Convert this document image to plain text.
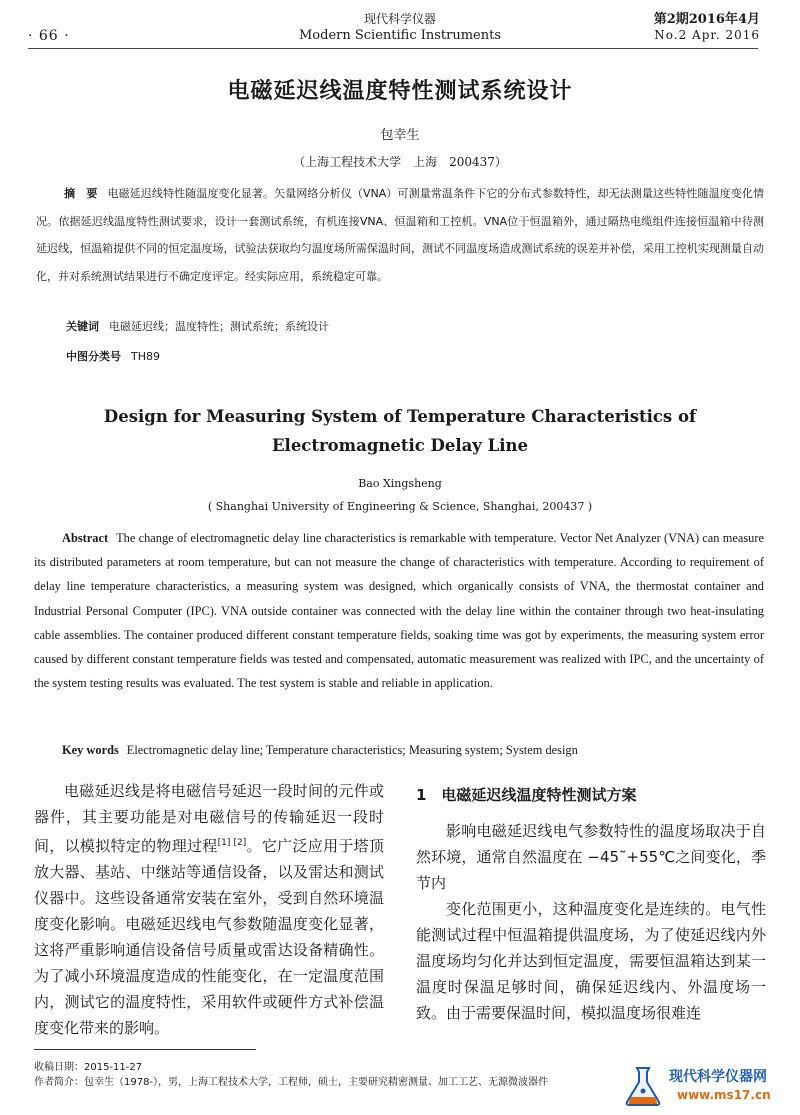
· 66 ·
现代科学仪器
Modern Scientific Instruments
第2期2016年4月
No.2 Apr. 2016
电磁延迟线温度特性测试系统设计
包幸生
（上海工程技术大学　上海　200437）
摘　要 电磁延迟线特性随温度变化显著。矢量网络分析仪（VNA）可测量常温条件下它的分布式参数特性，却无法测量这些特性随温度变化情况。依据延迟线温度特性测试要求，设计一套测试系统，有机连接VNA、恒温箱和工控机。VNA位于恒温箱外，通过隔热电缆组件连接恒温箱中待测延迟线，恒温箱提供不同的恒定温度场，试验法获取均匀温度场所需保温时间，测试不同温度场造成测试系统的误差并补偿，采用工控机实现测量自动化，并对系统测试结果进行不确定度评定。经实际应用，系统稳定可靠。
关键词 电磁延迟线；温度特性；测试系统；系统设计
中图分类号 TH89
Design for Measuring System of Temperature Characteristics of Electromagnetic Delay Line
Bao Xingsheng
( Shanghai University of Engineering & Science, Shanghai, 200437 )
Abstract The change of electromagnetic delay line characteristics is remarkable with temperature. Vector Net Analyzer (VNA) can measure its distributed parameters at room temperature, but can not measure the change of characteristics with temperature. According to requirement of delay line temperature characteristics, a measuring system was designed, which organically consists of VNA, the thermostat container and Industrial Personal Computer (IPC). VNA outside container was connected with the delay line within the container through two heat-insulating cable assemblies. The container produced different constant temperature fields, soaking time was got by experiments, the measuring system error caused by different constant temperature fields was tested and compensated, automatic measurement was realized with IPC, and the uncertainty of the system testing results was evaluated. The test system is stable and reliable in application.
Key words Electromagnetic delay line; Temperature characteristics; Measuring system; System design
电磁延迟线是将电磁信号延迟一段时间的元件或器件，其主要功能是对电磁信号的传输延迟一段时间，以模拟特定的物理过程[1] [2]。它广泛应用于塔顶放大器、基站、中继站等通信设备，以及雷达和测试仪器中。这些设备通常安装在室外，受到自然环境温度变化影响。电磁延迟线电气参数随温度变化显著，这将严重影响通信设备信号质量或雷达设备精确性。为了减小环境温度造成的性能变化，在一定温度范围内，测试它的温度特性，采用软件或硬件方式补偿温度变化带来的影响。
1　电磁延迟线温度特性测试方案
影响电磁延迟线电气参数特性的温度场取决于自然环境，通常自然温度在 −45˜+55℃之间变化，季节内
变化范围更小，这种温度变化是连续的。电气性能测试过程中恒温箱提供温度场，为了使延迟线内外温度场均匀化并达到恒定温度，需要恒温箱达到某一温度时保温足够时间，确保延迟线内、外温度场一致。由于需要保温时间，模拟温度场很难连
收稿日期：2015-11-27
作者简介：包幸生（1978-），男，上海工程技术大学，工程师，硕士，主要研究精密测量、加工工艺、无源微波器件	现代科学仪器网
www.ms17.cn
